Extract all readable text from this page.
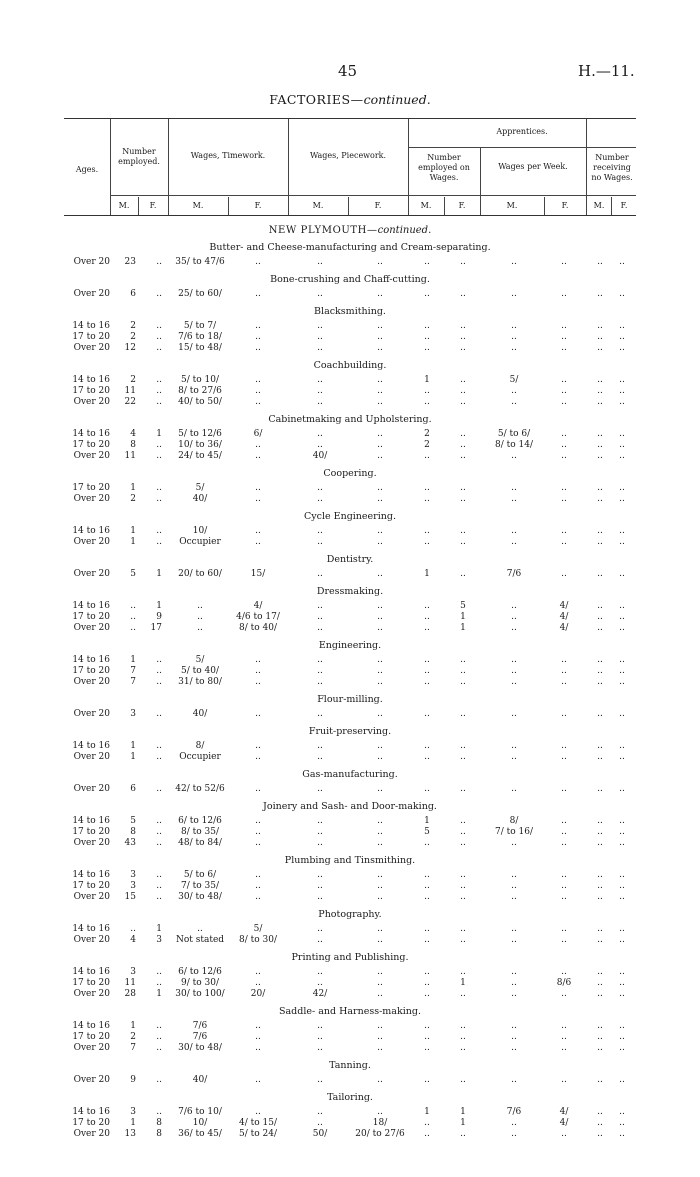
45	H.—11.
FACTORIES—continued.
Ages.
Number employed.
Wages, Timework.	Wages, Piecework.
Apprentices.
Number employed on Wages.
Wages per Week.
Number receiving no Wages.
M.	F.	M.	F.	M.	F.	M.	F.	M.	F.	M.	F.
NEW PLYMOUTH—continued.
Butter- and Cheese-manufacturing and Cream-separating.
Over 20	23	..	35/ to 47/6	..	..	..	..	..	..	..	..	..
Bone-crushing and Chaff-cutting.
Over 20	6	..	25/ to 60/	..	..	..	..	..	..	..	..	..
Blacksmithing.
14 to 16	2	..	5/ to 7/	..	..	..	..	..	..	..	..	..
17 to 20	2	..	7/6 to 18/	..	..	..	..	..	..	..	..	..
Over 20	12	..	15/ to 48/	..	..	..	..	..	..	..	..	..
Coachbuilding.
14 to 16	2	..	5/ to 10/	..	..	..	1	..	5/	..	..	..
17 to 20	11	..	8/ to 27/6	..	..	..	..	..	..	..	..	..
Over 20	22	..	40/ to 50/	..	..	..	..	..	..	..	..	..
Cabinetmaking and Upholstering.
14 to 16	4	1	5/ to 12/6	6/	..	..	2	..	5/ to 6/	..	..	..
17 to 20	8	..	10/ to 36/	..	..	..	2	..	8/ to 14/	..	..	..
Over 20	11	..	24/ to 45/	..	40/	..	..	..	..	..	..	..
Coopering.
17 to 20	1	..	5/	..	..	..	..	..	..	..	..	..
Over 20	2	..	40/	..	..	..	..	..	..	..	..	..
Cycle Engineering.
14 to 16	1	..	10/	..	..	..	..	..	..	..	..	..
Over 20	1	..	Occupier	..	..	..	..	..	..	..	..	..
Dentistry.
Over 20	5	1	20/ to 60/	15/	..	..	1	..	7/6	..	..	..
Dressmaking.
14 to 16	..	1	..	4/	..	..	..	5	..	4/	..	..
17 to 20	..	9	..	4/6 to 17/	..	..	..	1	..	4/	..	..
Over 20	..	17	..	8/ to 40/	..	..	..	1	..	4/	..	..
Engineering.
14 to 16	1	..	5/	..	..	..	..	..	..	..	..	..
17 to 20	7	..	5/ to 40/	..	..	..	..	..	..	..	..	..
Over 20	7	..	31/ to 80/	..	..	..	..	..	..	..	..	..
Flour-milling.
Over 20	3	..	40/	..	..	..	..	..	..	..	..	..
Fruit-preserving.
14 to 16	1	..	8/	..	..	..	..	..	..	..	..	..
Over 20	1	..	Occupier	..	..	..	..	..	..	..	..	..
Gas-manufacturing.
Over 20	6	..	42/ to 52/6	..	..	..	..	..	..	..	..	..
Joinery and Sash- and Door-making.
14 to 16	5	..	6/ to 12/6	..	..	..	1	..	8/	..	..	..
17 to 20	8	..	8/ to 35/	..	..	..	5	..	7/ to 16/	..	..	..
Over 20	43	..	48/ to 84/	..	..	..	..	..	..	..	..	..
Plumbing and Tinsmithing.
14 to 16	3	..	5/ to 6/	..	..	..	..	..	..	..	..	..
17 to 20	3	..	7/ to 35/	..	..	..	..	..	..	..	..	..
Over 20	15	..	30/ to 48/	..	..	..	..	..	..	..	..	..
Photography.
14 to 16	..	1	..	5/	..	..	..	..	..	..	..	..
Over 20	4	3	Not stated	8/ to 30/	..	..	..	..	..	..	..	..
Printing and Publishing.
14 to 16	3	..	6/ to 12/6	..	..	..	..	..	..	..	..	..
17 to 20	11	..	9/ to 30/	..	..	..	..	1	..	8/6	..	..
Over 20	28	1	30/ to 100/	20/	42/	..	..	..	..	..	..	..
Saddle- and Harness-making.
14 to 16	1	..	7/6	..	..	..	..	..	..	..	..	..
17 to 20	2	..	7/6	..	..	..	..	..	..	..	..	..
Over 20	7	..	30/ to 48/	..	..	..	..	..	..	..	..	..
Tanning.
Over 20	9	..	40/	..	..	..	..	..	..	..	..	..
Tailoring.
14 to 16	3	..	7/6 to 10/	..	..	..	1	1	7/6	4/	..	..
17 to 20	1	8	10/	4/ to 15/	..	18/	..	1	..	4/	..	..
Over 20	13	8	36/ to 45/	5/ to 24/	50/	20/ to 27/6	..	..	..	..	..	..
